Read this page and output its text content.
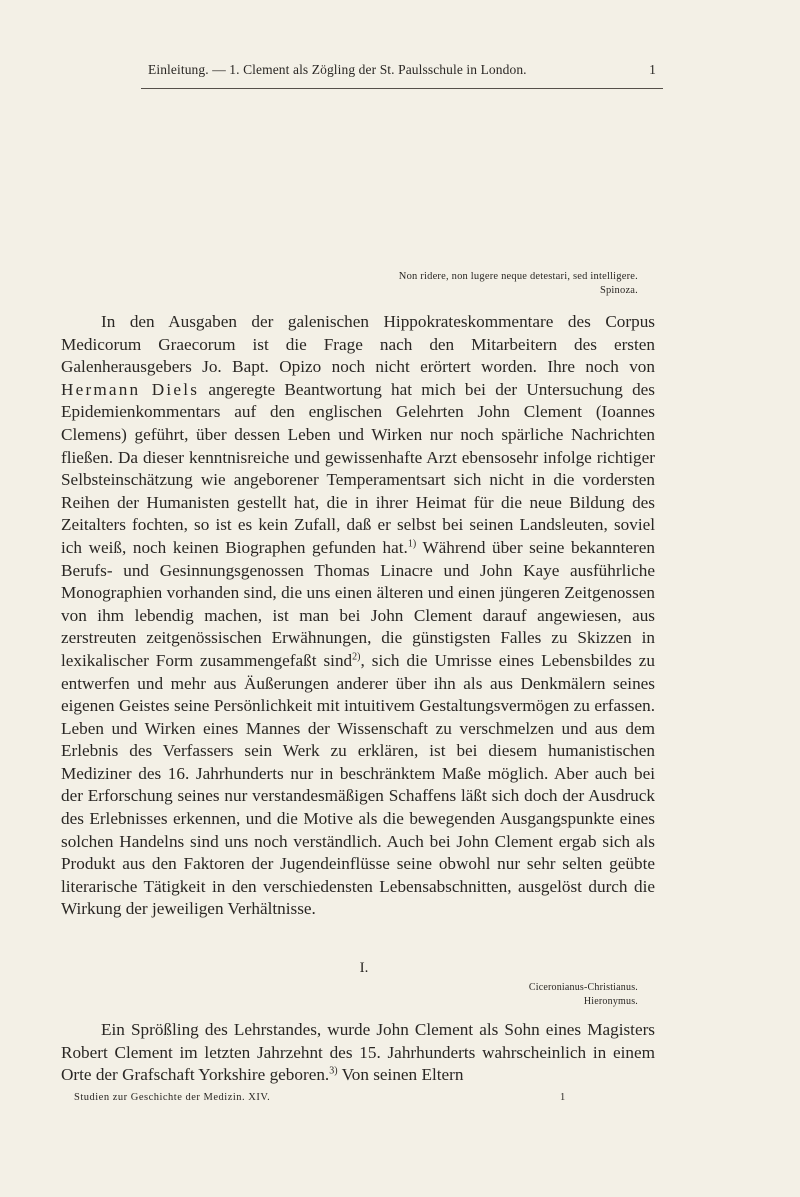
Einleitung. — 1. Clement als Zögling der St. Paulsschule in London.	1
Non ridere, non lugere neque detestari, sed intelligere.
Spinoza.

In den Ausgaben der galenischen Hippokrateskommentare des Corpus Medicorum Graecorum ist die Frage nach den Mitarbeitern des ersten Galenherausgebers Jo. Bapt. Opizo noch nicht erörtert worden. Ihre noch von Hermann Diels angeregte Beantwortung hat mich bei der Untersuchung des Epidemienkommentars auf den englischen Gelehrten John Clement (Ioannes Clemens) geführt, über dessen Leben und Wirken nur noch spärliche Nachrichten fließen. Da dieser kenntnisreiche und gewissenhafte Arzt ebensosehr infolge richtiger Selbsteinschätzung wie angeborener Temperamentsart sich nicht in die vordersten Reihen der Humanisten gestellt hat, die in ihrer Heimat für die neue Bildung des Zeitalters fochten, so ist es kein Zufall, daß er selbst bei seinen Landsleuten, soviel ich weiß, noch keinen Biographen gefunden hat.$^{1)}$ Während über seine bekannteren Berufs- und Gesinnungsgenossen Thomas Linacre und John Kaye ausführliche Monographien vorhanden sind, die uns einen älteren und einen jüngeren Zeitgenossen von ihm lebendig machen, ist man bei John Clement darauf angewiesen, aus zerstreuten zeitgenössischen Erwähnungen, die günstigsten Falles zu Skizzen in lexikalischer Form zusammengefaßt sind$^{2)}$, sich die Umrisse eines Lebensbildes zu entwerfen und mehr aus Äußerungen anderer über ihn als aus Denkmälern seines eigenen Geistes seine Persönlichkeit mit intuitivem Gestaltungsvermögen zu erfassen. Leben und Wirken eines Mannes der Wissenschaft zu verschmelzen und aus dem Erlebnis des Verfassers sein Werk zu erklären, ist bei diesem humanistischen Mediziner des 16. Jahrhunderts nur in beschränktem Maße möglich. Aber auch bei der Erforschung seines nur verstandesmäßigen Schaffens läßt sich doch der Ausdruck des Erlebnisses erkennen, und die Motive als die bewegenden Ausgangspunkte eines solchen Handelns sind uns noch verständlich. Auch bei John Clement ergab sich als Produkt aus den Faktoren der Jugendeinflüsse seine obwohl nur sehr selten geübte literarische Tätigkeit in den verschiedensten Lebensabschnitten, ausgelöst durch die Wirkung der jeweiligen Verhältnisse.

I.
Ciceronianus-Christianus.
Hieronymus.

Ein Sprößling des Lehrstandes, wurde John Clement als Sohn eines Magisters Robert Clement im letzten Jahrzehnt des 15. Jahrhunderts wahrscheinlich in einem Orte der Grafschaft Yorkshire geboren.$^{3)}$ Von seinen Eltern

Studien zur Geschichte der Medizin. XIV.	1
